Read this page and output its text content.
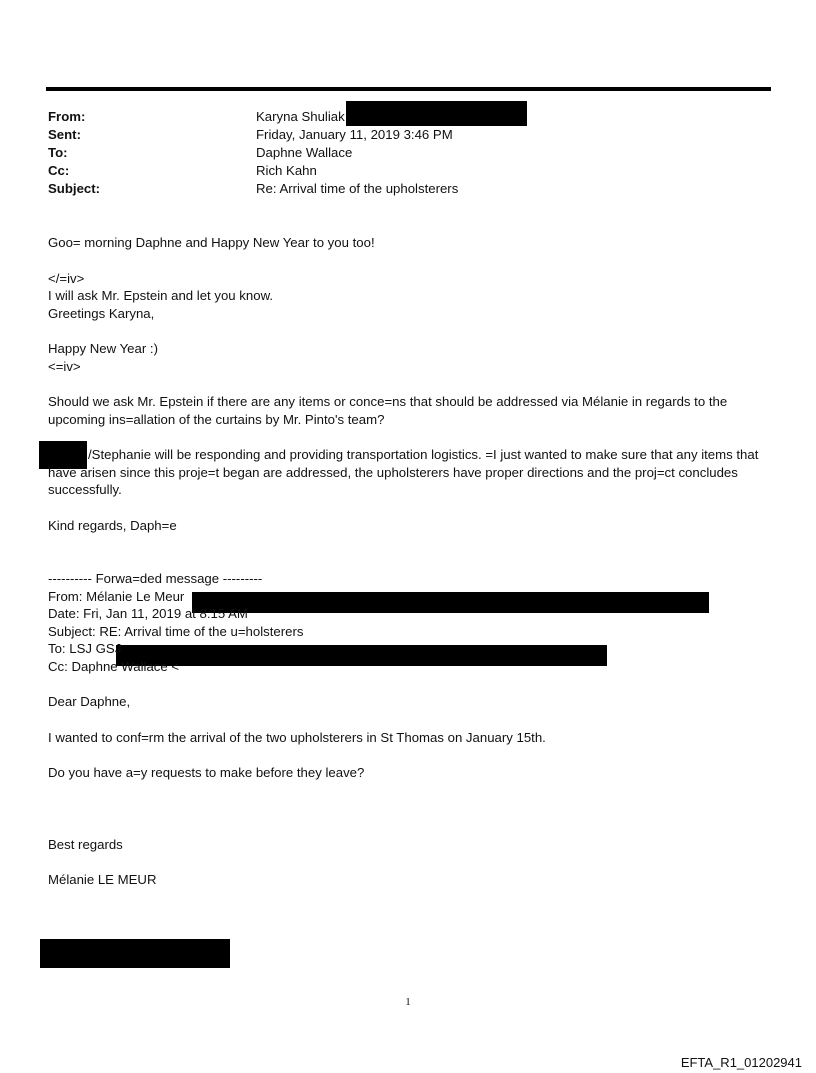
From:	Karyna Shuliak
Sent:	Friday, January 11, 2019 3:46 PM
To:	Daphne Wallace
Cc:	Rich Kahn
Subject:	Re: Arrival time of the upholsterers

Goo= morning Daphne and Happy New Year to you too!

</=iv>

I will ask Mr. Epstein and let you know.

Greetings Karyna,

Happy New Year :)

<=iv>

Should we ask Mr. Epstein if there are any items or conce=ns that should be addressed via Mélanie in regards to the upcoming ins=allation of the curtains by Mr. Pinto's team?

/Stephanie will be responding and providing transportation logistics. =I just wanted to make sure that any items that have arisen since this proje=t began are addressed, the upholsterers have proper directions and the proj=ct concludes successfully.

Kind regards, Daph=e

---------- Forwa=ded message ---------

From: Mélanie Le Meur

Date: Fri, Jan 11, 2019 at 8:15 AM

Subject: RE: Arrival time of the u=holsterers

To: LSJ GSJ

Cc: Daphne Wallace <

Dear Daphne,

I wanted to conf=rm the arrival of the two upholsterers in St Thomas on January 15th.

Do you have a=y requests to make before they leave?

Best regards

Mélanie LE MEUR

1
EFTA_R1_01202941
